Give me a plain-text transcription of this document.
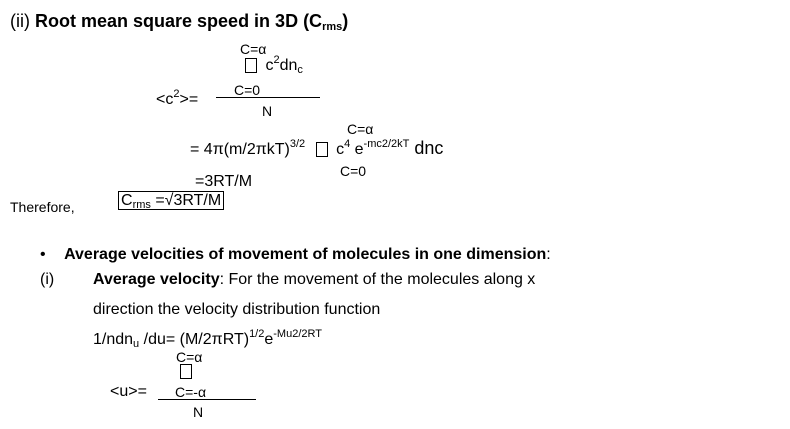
(ii) Root mean square speed in 3D (Crms)
C=α
$c^2dnc$
C=0
$<c^2>=$
N
C=α
= $4\pi(m/2\pi kT)^{3/2}$ $c^4$ $e^{-mc2/2kT}$ dnc
C=0
=3RT/M
Therefore,	Crms =√3RT/M
• Average velocities of movement of molecules in one dimension:
(i) Average velocity: For the movement of the molecules along x
direction the velocity distribution function
1/ndnu $/du= (M/2\pi RT)^{1/2}e^{-Mu2/2RT}$
C=α
<u>= C=-α
N
